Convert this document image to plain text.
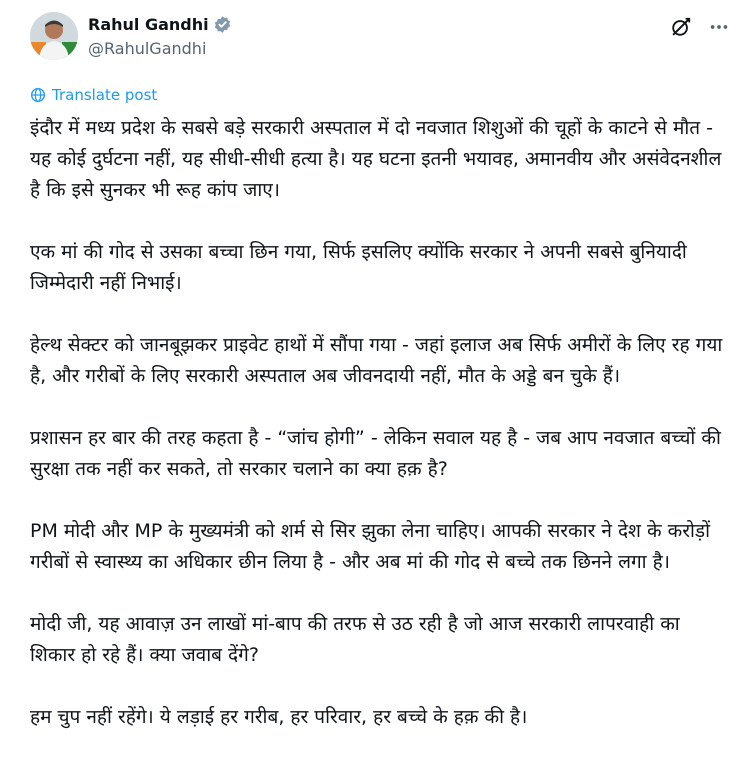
Rahul Gandhi
@RahulGandhi
Translate post

इंदौर में मध्य प्रदेश के सबसे बड़े सरकारी अस्पताल में दो नवजात शिशुओं की चूहों के काटने से मौत - यह कोई दुर्घटना नहीं, यह सीधी-सीधी हत्या है। यह घटना इतनी भयावह, अमानवीय और असंवेदनशील है कि इसे सुनकर भी रूह कांप जाए।

एक मां की गोद से उसका बच्चा छिन गया, सिर्फ इसलिए क्योंकि सरकार ने अपनी सबसे बुनियादी जिम्मेदारी नहीं निभाई।

हेल्थ सेक्टर को जानबूझकर प्राइवेट हाथों में सौंपा गया - जहां इलाज अब सिर्फ अमीरों के लिए रह गया है, और गरीबों के लिए सरकारी अस्पताल अब जीवनदायी नहीं, मौत के अड्डे बन चुके हैं।

प्रशासन हर बार की तरह कहता है - “जांच होगी” - लेकिन सवाल यह है - जब आप नवजात बच्चों की सुरक्षा तक नहीं कर सकते, तो सरकार चलाने का क्या हक़ है?

PM मोदी और MP के मुख्यमंत्री को शर्म से सिर झुका लेना चाहिए। आपकी सरकार ने देश के करोड़ों गरीबों से स्वास्थ्य का अधिकार छीन लिया है - और अब मां की गोद से बच्चे तक छिनने लगा है।

मोदी जी, यह आवाज़ उन लाखों मां-बाप की तरफ से उठ रही है जो आज सरकारी लापरवाही का शिकार हो रहे हैं। क्या जवाब देंगे?

हम चुप नहीं रहेंगे। ये लड़ाई हर गरीब, हर परिवार, हर बच्चे के हक़ की है।
